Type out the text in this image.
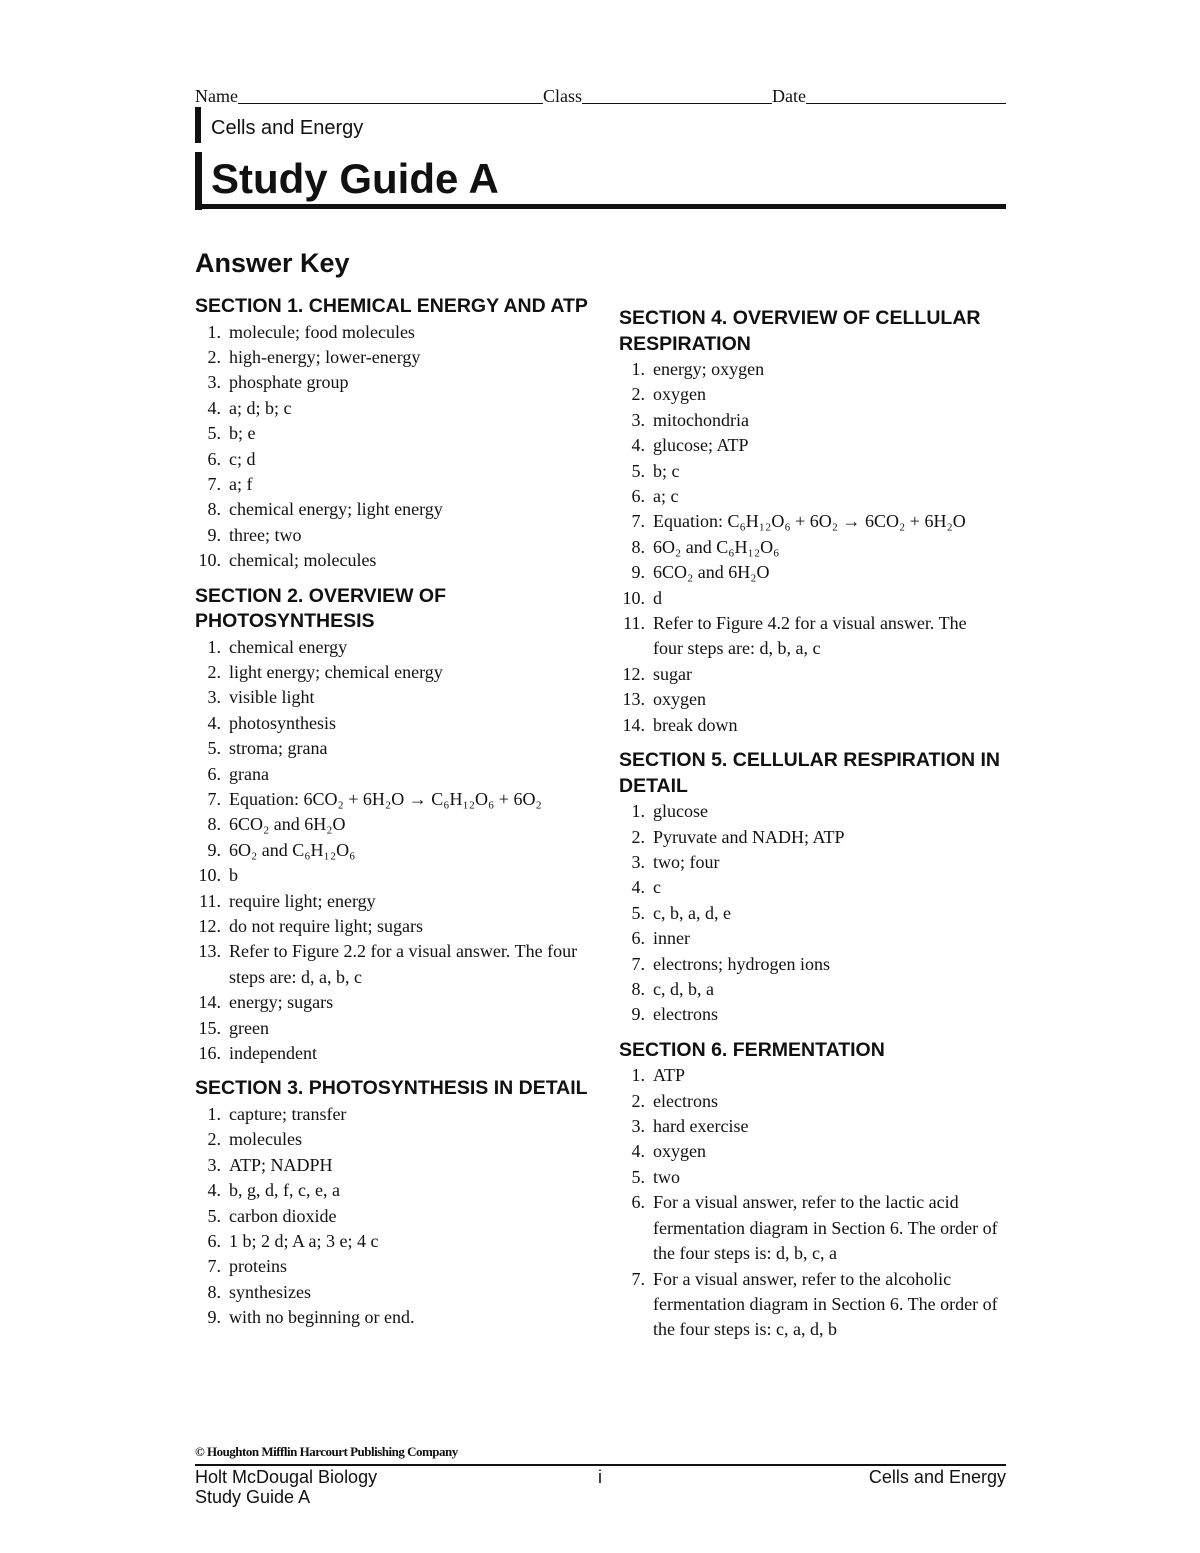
Name	Class	Date
Cells and Energy
Study Guide A
Answer Key

SECTION 1. CHEMICAL ENERGY AND ATP

1. molecule; food molecules
2. high-energy; lower-energy
3. phosphate group
4. a; d; b; c
5. b; e
6. c; d
7. a; f
8. chemical energy; light energy
9. three; two
10. chemical; molecules

SECTION 2. OVERVIEW OF PHOTOSYNTHESIS

1. chemical energy
2. light energy; chemical energy
3. visible light
4. photosynthesis
5. stroma; grana
6. grana
7. Equation: 6CO₂ + 6H₂O → C₆H₁₂O₆ + 6O₂
8. 6CO₂ and 6H₂O
9. 6O₂ and C₆H₁₂O₆
10. b
11. require light; energy
12. do not require light; sugars
13. Refer to Figure 2.2 for a visual answer. The four steps are: d, a, b, c
14. energy; sugars
15. green
16. independent

SECTION 3. PHOTOSYNTHESIS IN DETAIL

1. capture; transfer
2. molecules
3. ATP; NADPH
4. b, g, d, f, c, e, a
5. carbon dioxide
6. 1 b; 2 d; A a; 3 e; 4 c
7. proteins
8. synthesizes
9. with no beginning or end.

SECTION 4. OVERVIEW OF CELLULAR RESPIRATION

1. energy; oxygen
2. oxygen
3. mitochondria
4. glucose; ATP
5. b; c
6. a; c
7. Equation: C₆H₁₂O₆ + 6O₂ → 6CO₂ + 6H₂O
8. 6O₂ and C₆H₁₂O₆
9. 6CO₂ and 6H₂O
10. d
11. Refer to Figure 4.2 for a visual answer. The four steps are: d, b, a, c
12. sugar
13. oxygen
14. break down

SECTION 5. CELLULAR RESPIRATION IN DETAIL

1. glucose
2. Pyruvate and NADH; ATP
3. two; four
4. c
5. c, b, a, d, e
6. inner
7. electrons; hydrogen ions
8. c, d, b, a
9. electrons

SECTION 6. FERMENTATION

1. ATP
2. electrons
3. hard exercise
4. oxygen
5. two
6. For a visual answer, refer to the lactic acid fermentation diagram in Section 6. The order of the four steps is: d, b, c, a
7. For a visual answer, refer to the alcoholic fermentation diagram in Section 6. The order of the four steps is: c, a, d, b
© Houghton Mifflin Harcourt Publishing Company
Holt McDougal Biology
Study Guide A
i	Cells and Energy
